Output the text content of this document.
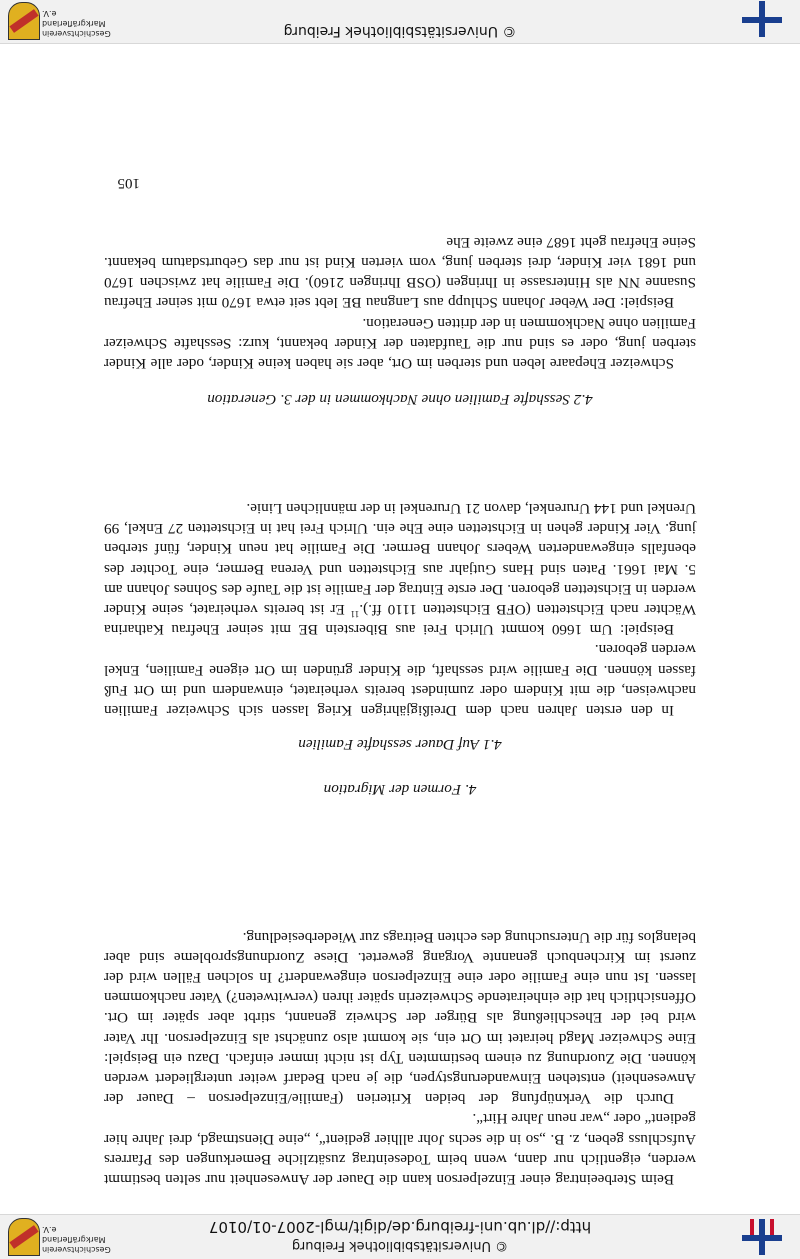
© Universitätsbibliothek Freiburg
http://dl.ub.uni-freiburg.de/digit/mgl-2007-01/0107
Geschichtsverein Markgräflerland e.V.

Beim Sterbeeintrag einer Einzelperson kann die Dauer der Anwesenheit nur selten bestimmt werden, eigentlich nur dann, wenn beim Todeseintrag zusätzliche Bemerkungen des Pfarrers Aufschluss geben, z. B. „so in die sechs Johr allhier gedient“, „eine Dienstmagd, drei Jahre hier gedient“ oder „war neun Jahre Hirt“.

Durch die Verknüpfung der beiden Kriterien (Familie/Einzelperson – Dauer der Anwesenheit) entstehen Einwanderungstypen, die je nach Bedarf weiter untergliedert werden können. Die Zuordnung zu einem bestimmten Typ ist nicht immer einfach. Dazu ein Beispiel: Eine Schweizer Magd heiratet im Ort ein, sie kommt also zunächst als Einzelperson. Ihr Vater wird bei der Eheschließung als Bürger der Schweiz genannt, stirbt aber später im Ort. Offensichtlich hat die einheiratende Schweizerin später ihren (verwitweten?) Vater nachkommen lassen. Ist nun eine Familie oder eine Einzelperson eingewandert? In solchen Fällen wird der zuerst im Kirchenbuch genannte Vorgang gewertet. Diese Zuordnungsprobleme sind aber belanglos für die Untersuchung des echten Beitrags zur Wiederbesiedlung.

4. Formen der Migration
4.1 Auf Dauer sesshafte Familien

In den ersten Jahren nach dem Dreißigjährigen Krieg lassen sich Schweizer Familien nachweisen, die mit Kindern oder zumindest bereits verheiratet, einwandern und im Ort Fuß fassen können. Die Familie wird sesshaft, die Kinder gründen im Ort eigene Familien, Enkel werden geboren.

Beispiel: Um 1660 kommt Ulrich Frei aus Biberstein BE mit seiner Ehefrau Katharina Wächter nach Eichstetten (OFB Eichstetten 1110 ff.).$^{11}$ Er ist bereits verheiratet, seine Kinder werden in Eichstetten geboren. Der erste Eintrag der Familie ist die Taufe des Sohnes Johann am 5. Mai 1661. Paten sind Hans Gutjahr aus Eichstetten und Verena Bermer, eine Tochter des ebenfalls eingewanderten Webers Johann Bermer. Die Familie hat neun Kinder, fünf sterben jung. Vier Kinder gehen in Eichstetten eine Ehe ein. Ulrich Frei hat in Eichstetten 27 Enkel, 99 Urenkel und 144 Ururenkel, davon 21 Ururenkel in der männlichen Linie.

4.2 Sesshafte Familien ohne Nachkommen in der 3. Generation

Schweizer Ehepaare leben und sterben im Ort, aber sie haben keine Kinder, oder alle Kinder sterben jung, oder es sind nur die Taufdaten der Kinder bekannt, kurz: Sesshafte Schweizer Familien ohne Nachkommen in der dritten Generation.

Beispiel: Der Weber Johann Schlupp aus Langnau BE lebt seit etwa 1670 mit seiner Ehefrau Susanne NN als Hintersasse in Ihringen (OSB Ihringen 2160). Die Familie hat zwischen 1670 und 1681 vier Kinder, drei sterben jung, vom vierten Kind ist nur das Geburtsdatum bekannt. Seine Ehefrau geht 1687 eine zweite Ehe

105
© Universitätsbibliothek Freiburg
Geschichtsverein Markgräflerland e.V.
